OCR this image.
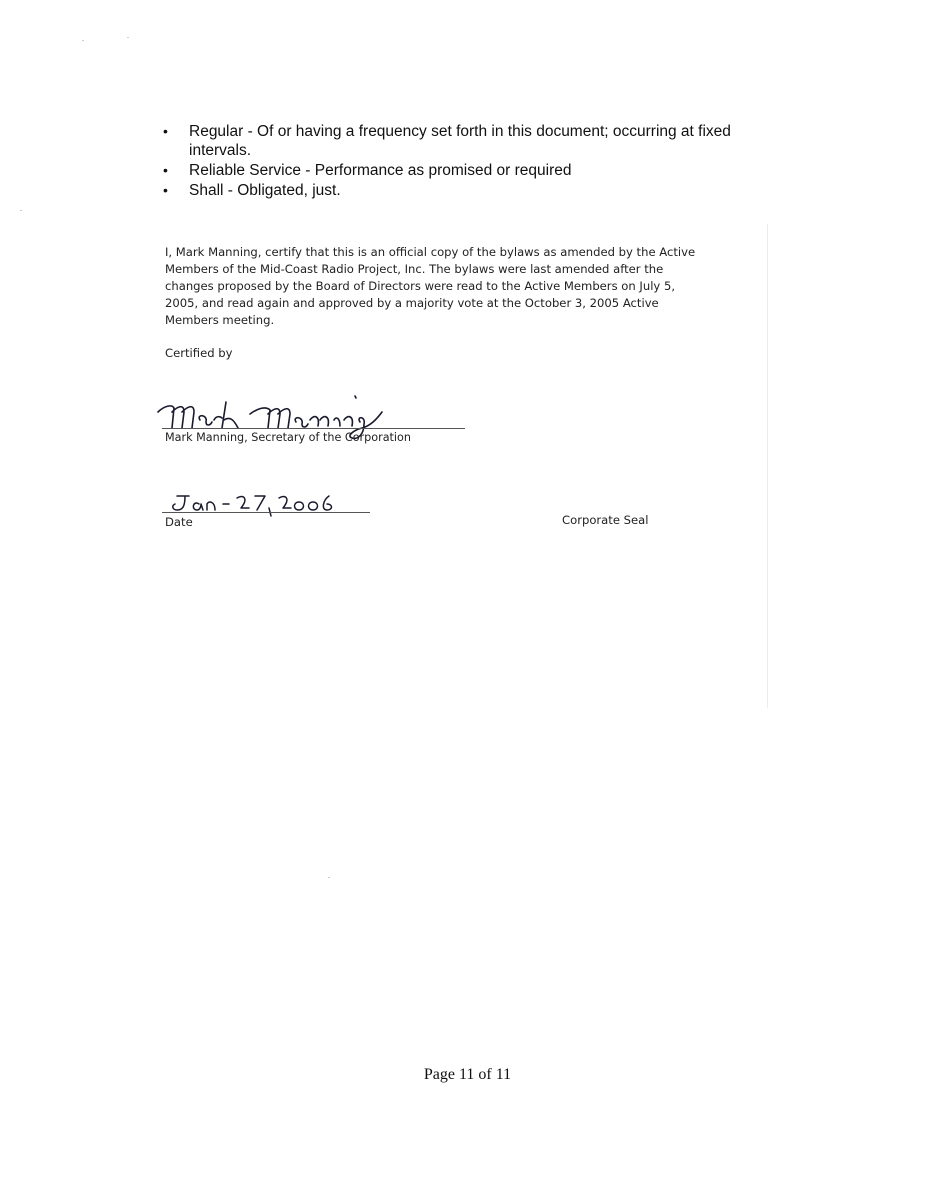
• Regular - Of or having a frequency set forth in this document; occurring at fixed intervals.
• Reliable Service - Performance as promised or required
• Shall - Obligated, just.

I, Mark Manning, certify that this is an official copy of the bylaws as amended by the Active Members of the Mid-Coast Radio Project, Inc. The bylaws were last amended after the changes proposed by the Board of Directors were read to the Active Members on July 5, 2005, and read again and approved by a majority vote at the October 3, 2005 Active Members meeting.

Certified by
Mark Manning, Secretary of the Corporation
Date	Corporate Seal
Page 11 of 11
